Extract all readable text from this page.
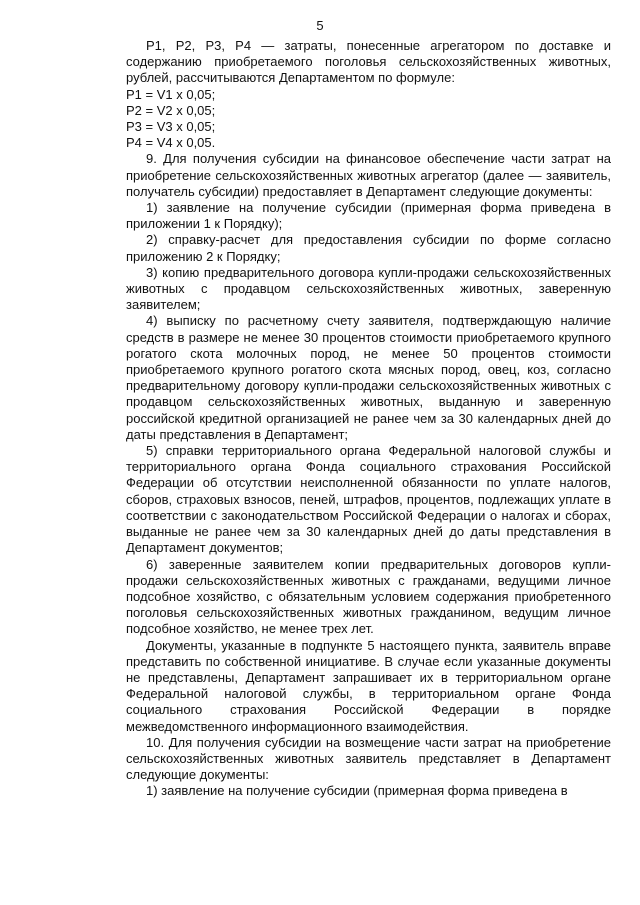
5

Р1, Р2, Р3, Р4 — затраты, понесенные агрегатором по доставке и содержанию приобретаемого поголовья сельскохозяйственных животных, рублей, рассчитываются Департаментом по формуле:

Р1 = V1 х 0,05;

Р2 = V2 х 0,05;

Р3 = V3 х 0,05;

Р4 = V4 х 0,05.

9. Для получения субсидии на финансовое обеспечение части затрат на приобретение сельскохозяйственных животных агрегатор (далее — заявитель, получатель субсидии) предоставляет в Департамент следующие документы:

1) заявление на получение субсидии (примерная форма приведена в приложении 1 к Порядку);

2) справку-расчет для предоставления субсидии по форме согласно приложению 2 к Порядку;

3) копию предварительного договора купли-продажи сельскохозяйственных животных с продавцом сельскохозяйственных животных, заверенную заявителем;

4) выписку по расчетному счету заявителя, подтверждающую наличие средств в размере не менее 30 процентов стоимости приобретаемого крупного рогатого скота молочных пород, не менее 50 процентов стоимости приобретаемого крупного рогатого скота мясных пород, овец, коз, согласно предварительному договору купли-продажи сельскохозяйственных животных с продавцом сельскохозяйственных животных, выданную и заверенную российской кредитной организацией не ранее чем за 30 календарных дней до даты представления в Департамент;

5) справки территориального органа Федеральной налоговой службы и территориального органа Фонда социального страхования Российской Федерации об отсутствии неисполненной обязанности по уплате налогов, сборов, страховых взносов, пеней, штрафов, процентов, подлежащих уплате в соответствии с законодательством Российской Федерации о налогах и сборах, выданные не ранее чем за 30 календарных дней до даты представления в Департамент документов;

6) заверенные заявителем копии предварительных договоров купли-продажи сельскохозяйственных животных с гражданами, ведущими личное подсобное хозяйство, с обязательным условием содержания приобретенного поголовья сельскохозяйственных животных гражданином, ведущим личное подсобное хозяйство, не менее трех лет.

Документы, указанные в подпункте 5 настоящего пункта, заявитель вправе представить по собственной инициативе. В случае если указанные документы не представлены, Департамент запрашивает их в территориальном органе Федеральной налоговой службы, в территориальном органе Фонда социального страхования Российской Федерации в порядке межведомственного информационного взаимодействия.

10. Для получения субсидии на возмещение части затрат на приобретение сельскохозяйственных животных заявитель представляет в Департамент следующие документы:

1) заявление на получение субсидии (примерная форма приведена в
